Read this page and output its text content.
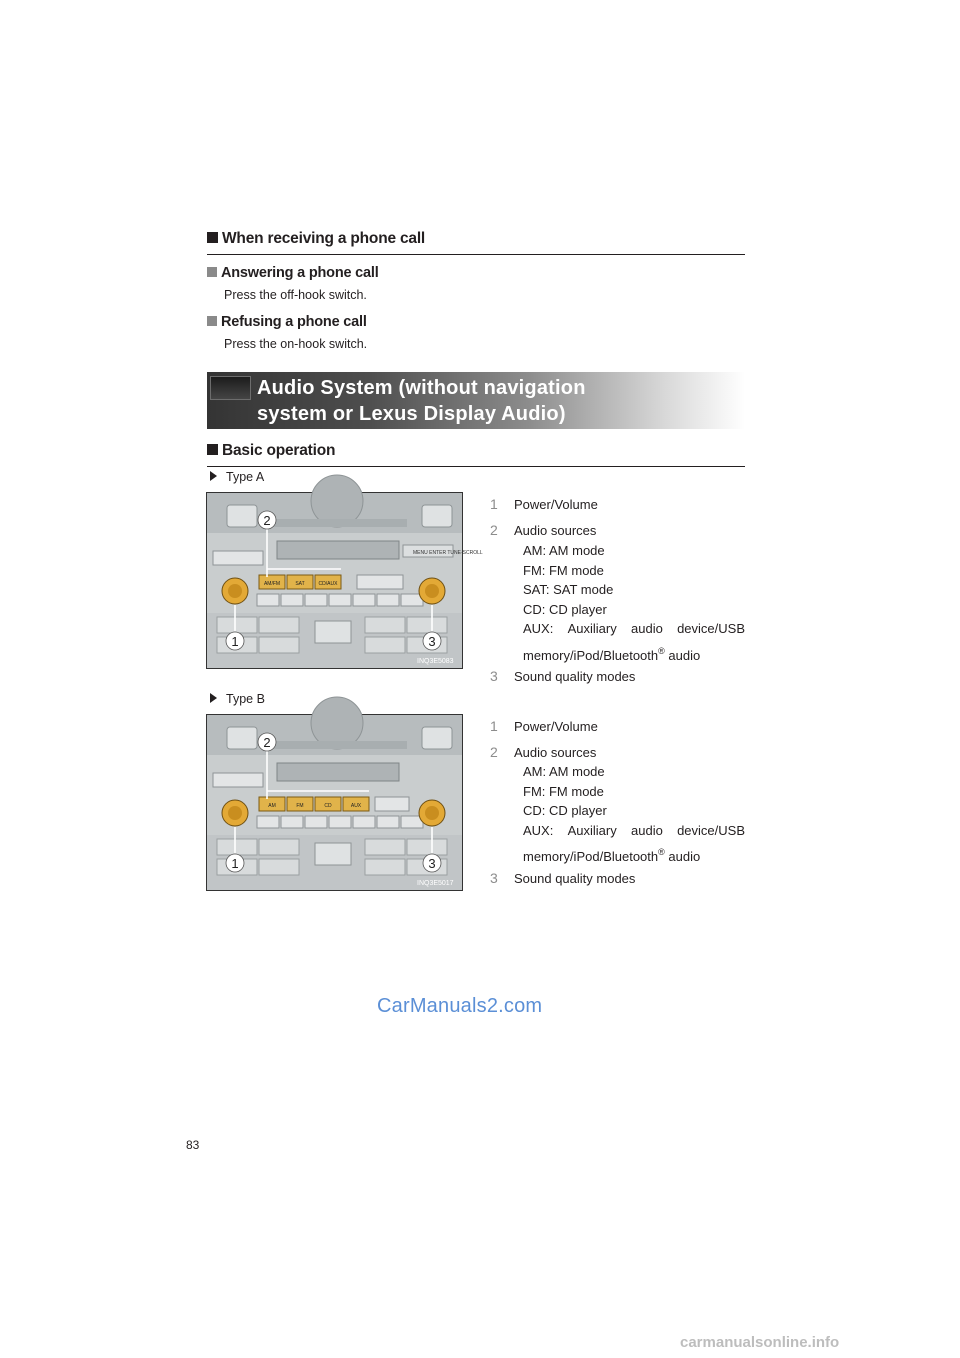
When receiving a phone call
Answering a phone call
Press the off-hook switch.
Refusing a phone call
Press the on-hook switch.
Audio System (without navigation
system or Lexus Display Audio)
Basic operation
Type A
MENU ENTER TUNE·SCROLL
AM/FM	SAT	CD/AUX
2
1	3
INQ3E5083
1 Power/Volume
2 Audio sources
AM: AM mode
FM: FM mode
SAT: SAT mode
CD: CD player
AUX: Auxiliary audio device/USB
memory/iPod/Bluetooth® audio
3 Sound quality modes
Type B
AM	FM	CD	AUX
2
1	3
INQ3E5017
1 Power/Volume
2 Audio sources
AM: AM mode
FM: FM mode
CD: CD player
AUX: Auxiliary audio device/USB
memory/iPod/Bluetooth® audio
3 Sound quality modes
CarManuals2.com
83
carmanualsonline.info
